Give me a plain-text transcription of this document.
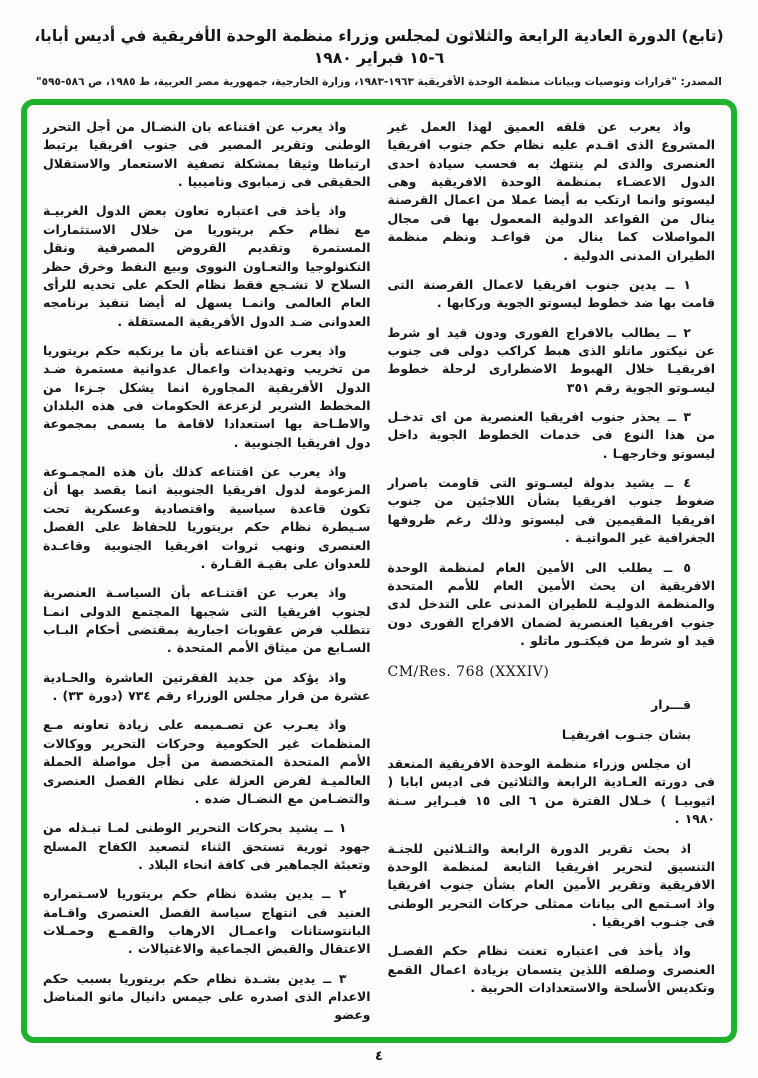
(تابع) الدورة العادية الرابعة والثلاثون لمجلس وزراء منظمة الوحدة الأفريقية في أديس أبابا، ٦-١٥ فبراير ١٩٨٠
المصدر: "قرارات وتوصيات وبيانات منظمة الوحدة الأفريقية ١٩٦٣-١٩٨٣، وزارة الخارجية، جمهورية مصر العربية، ط ١٩٨٥، ص ٥٨٦-٥٩٥"

واذ يعرب عن قلقه العميق لهذا العمل غير المشروع الذى اقـدم عليه نظام حكم جنوب افريقيا العنصرى والذى لم ينتهك به فحسب سيادة احدى الدول الاعضـاء بمنظمة الوحدة الافريقية وهى ليسوتو وانما ارتكب به أيضا عملا من اعمال القرصنة ينال من القواعد الدولية المعمول بها فى مجال المواصلات كما ينال من قواعـد ونظم منظمة الطيران المدنى الدولية .

١ ــ يدين جنوب افريقيا لاعمال القرصنة التى قامت بها ضد خطوط ليسوتو الجوية وركابها .

٢ ــ يطالب بالافراج الفورى ودون قيد او شرط عن نيكتور ماتلو الذى هبط كراكب دولى فى جنوب افريقيـا خلال الهبوط الاضطرارى لرحلة خطوط ليسـوتو الجوية رقم ٣٥١

٣ ــ يحذر جنوب افريقيا العنصرية من اى تدخـل من هذا النوع فى خدمات الخطوط الجوية داخل ليسوتو وخارجهـا .

٤ ــ يشيد بدولة ليسـوتو التى قاومت باصرار ضغوط جنوب افريقيا بشأن اللاجئين من جنوب افريقيا المقيمين فى ليسوتو وذلك رغم ظروفها الجغرافية غير المواتيـة .

٥ ــ يطلب الى الأمين العام لمنظمة الوحدة الافريقية ان يحث الأمين العام للأمم المتحدة والمنظمة الدوليـة للطيران المدنى على التدخل لدى جنوب افريقيا العنصرية لضمان الافراج الفورى دون قيد او شرط من فيكتـور ماتلو .

CM/Res. 768 (XXXIV)

قـــرار

بشان جنـوب افريقيـا

ان مجلس وزراء منظمة الوحدة الافريقية المنعقد فى دورته العـادية الرابعة والثلاثين فى اديس ابابا ( اثيوبيـا ) خـلال الفترة من ٦ الى ١٥ فبـراير سـنة ١٩٨٠ .

اذ بحث تقرير الدورة الرابعة والثـلاثين للجنـة التنسيق لتحرير افريقيا التابعة لمنظمة الوحدة الافريقية وتقرير الأمين العام بشأن جنوب افريقيا واذ اسـتمع الى بيانات ممثلى حركات التحرير الوطنى فى جنـوب افريقيا .

واذ يأخذ فى اعتباره تعنت نظام حكم الفصـل العنصرى وصلفه اللذين يتسمان بزيادة اعمال القمع وتكديس الأسلحة والاستعدادات الحربية .

واذ يعرب عن اقتناعه بان النضـال من أجل التحرر الوطنى وتقرير المصير فى جنوب افريقيا يرتبط ارتباطا وثيقا بمشكلة تصفية الاستعمار والاستقلال الحقيقى فى زمبابوى وناميبيا .

واذ يأخذ فى اعتباره تعاون بعض الدول الغربيـة مع نظام حكم بريتوريا من خلال الاستثمارات المستمرة وتقديم القروض المصرفية ونقل التكنولوجيا والتعـاون النووى وبيع النفط وخرق حظر السلاح لا تشـجع فقط نظام الحكم على تحديه للرأى العام العالمى وانمـا يسهل له أيضا تنفيذ برنامجه العدوانى ضـد الدول الأفريقية المستقلة .

واذ يعرب عن اقتناعه بأن ما يرتكبه حكم بريتوريا من تخريب وتهديدات واعمال عدوانية مستمرة ضـد الدول الأفريقية المجاورة انما يشكل جـزءا من المخطط الشرير لزعزعة الحكومات فى هذه البلدان والاطـاحة بها استعدادا لاقامة ما يسمى بمجموعة دول افريقيا الجنوبية .

واذ يعرب عن اقتناعه كذلك بأن هذه المجمـوعة المزعومة لدول افريقيا الجنوبية انما يقصد بها أن تكون قاعدة سياسية واقتصادية وعسكرية تحت سـيطرة نظام حكم بريتوريا للحفاظ على الفصل العنصرى ونهب ثروات افريقيا الجنوبية وقاعـدة للعدوان على بقيـة القـارة .

واذ يعرب عن اقتنـاعه بأن السياسـة العنصرية لجنوب افريقيا التى شجبها المجتمع الدولى انمـا تتطلب فرض عقوبات اجبارية بمقتضى أحكام البـاب السـابع من ميثاق الأمم المتحدة .

واذ يؤكد من جديد الفقرتين العاشرة والحـادية عشرة من قرار مجلس الوزراء رقم ٧٣٤ (دورة ٣٣) .

واذ يعـرب عن تصـميمه على زيادة تعاونه مـع المنظمات غير الحكومية وحركات التحرير ووكالات الأمم المتحدة المتخصصة من أجل مواصلة الحملة العالميـة لفرض العزلة على نظام الفصل العنصرى والتضـامن مع النضـال ضده .

١ ــ يشيد بحركات التحرير الوطنى لمـا تبـذله من جهود ثورية تستحق الثناء لتصعيد الكفاح المسلح وتعبئة الجماهير فى كافة انحاء البلاد .

٢ ــ يدين بشدة نظام حكم بريتوريا لاسـتمراره العنيد فى انتهاج سياسة الفصل العنصرى واقـامة البانتوستانات واعمـال الارهاب والقمـع وحمـلات الاعتقال والقبض الجماعية والاغتيالات .

٣ ــ يدين بشـدة نظام حكم بريتوريا بسبب حكم الاعدام الذى اصدره على جيمس دانيال مانو المناضل وعضو

٤
